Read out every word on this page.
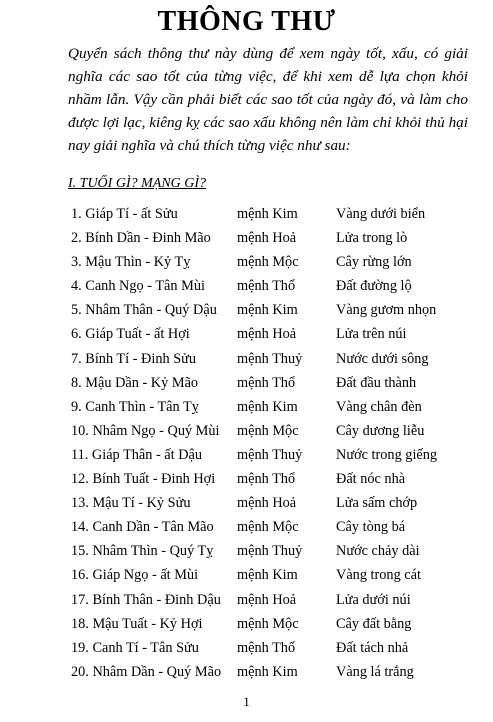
THÔNG THƯ
Quyển sách thông thư này dùng để xem ngày tốt, xấu, có giải nghĩa các sao tốt của từng việc, để khi xem dễ lựa chọn khỏi nhầm lẫn. Vậy cần phải biết các sao tốt của ngày đó, và làm cho được lợi lạc, kiêng kỵ các sao xấu không nên làm chỉ khỏi thủ hại nay giải nghĩa và chú thích từng việc như sau:
I. TUỔI GÌ? MẠNG GÌ?
1. Giáp Tí - ất Sửu	mệnh Kim	Vàng dưới biển
2. Bính Dần - Đinh Mão mệnh Hoả	Lửa trong lò
3. Mậu Thìn - Kỷ Tỵ	mệnh Mộc	Cây rừng lớn
4. Canh Ngọ - Tân Mùi mệnh Thổ	Đất đường lộ
5. Nhâm Thân - Quý Dậu mệnh Kim	Vàng gươm nhọn
6. Giáp Tuất - ất Hợi	mệnh Hoả	Lửa trên núi
7. Bính Tí - Đinh Sửu	mệnh Thuỷ Nước dưới sông
8. Mậu Dần - Kỷ Mão	mệnh Thổ	Đất đầu thành
9. Canh Thìn - Tân Tỵ	mệnh Kim	Vàng chân đèn
10. Nhâm Ngọ - Quý Mùi mệnh Mộc	Cây dương liễu
11. Giáp Thân - ất Dậu mệnh Thuỷ Nước trong giếng
12. Bính Tuất - Đinh Hợi mệnh Thổ	Đất nóc nhà
13. Mậu Tí - Kỷ Sửu	mệnh Hoả	Lửa sấm chớp
14. Canh Dần - Tân Mão mệnh Mộc	Cây tòng bá
15. Nhâm Thìn - Quý Tỵ mệnh Thuỷ Nước chảy dài
16. Giáp Ngọ - ất Mùi	mệnh Kim	Vàng trong cát
17. Bính Thân - Đinh Dậu mệnh Hoả	Lửa dưới núi
18. Mậu Tuất - Kỷ Hợi mệnh Mộc	Cây đất bằng
19. Canh Tí - Tân Sửu	mệnh Thổ	Đất tách nhả
20. Nhâm Dần - Quý Mão mệnh Kim	Vàng lá trắng
1
